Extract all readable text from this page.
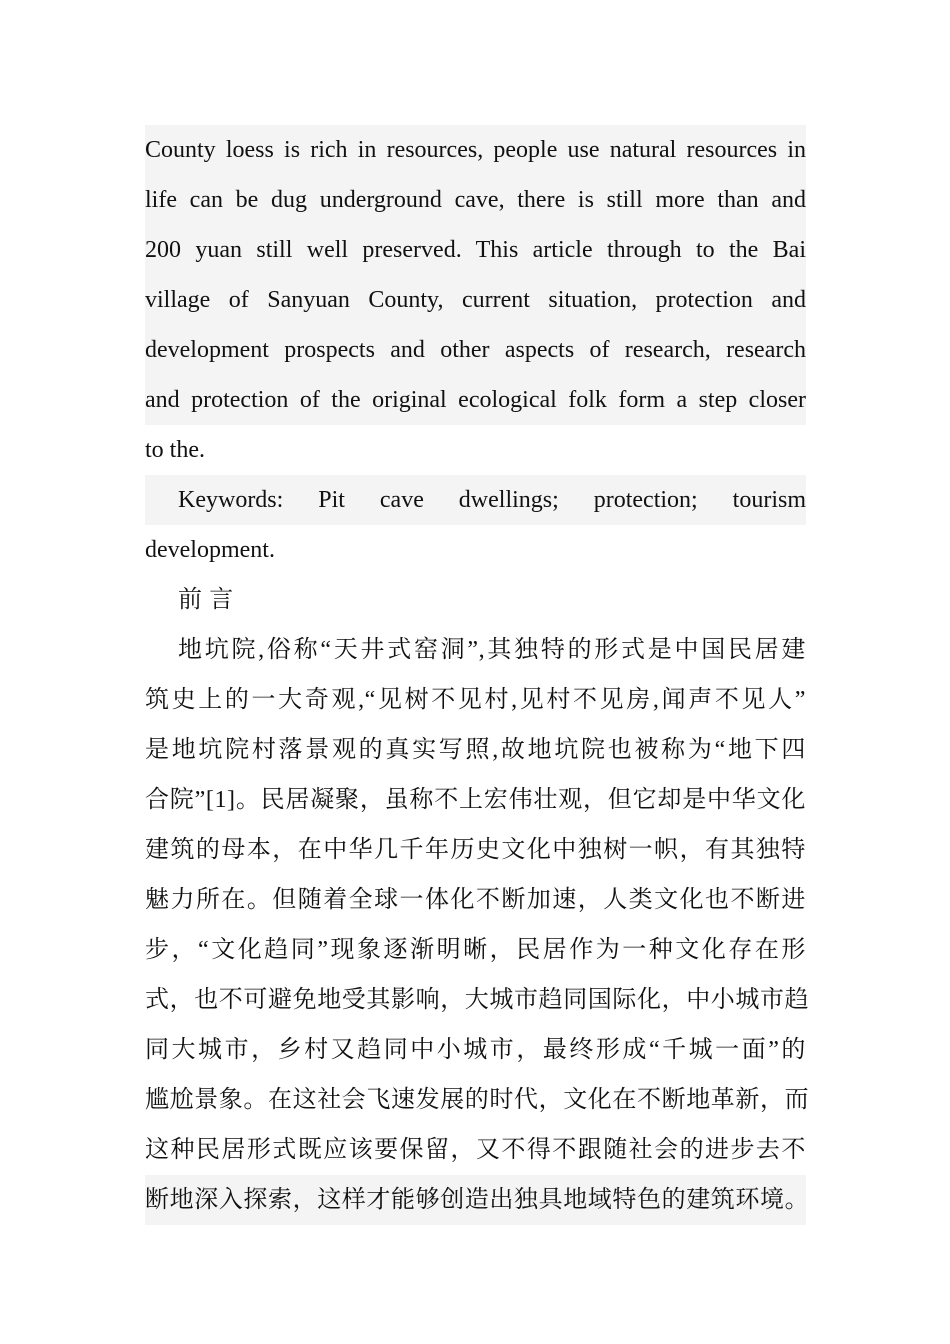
County loess is rich in resources, people use natural resources in
life can be dug underground cave, there is still more than and
200 yuan still well preserved. This article through to the Bai
village of Sanyuan County, current situation, protection and
development prospects and other aspects of research, research
and protection of the original ecological folk form a step closer
to the.
Keywords: Pit cave dwellings; protection; tourism
development.
前 言
地坑院,俗称“天井式窑洞”,其独特的形式是中国民居建
筑史上的一大奇观,“见树不见村,见村不见房,闻声不见人”
是地坑院村落景观的真实写照,故地坑院也被称为“地下四
合院”[1]。民居凝聚，虽称不上宏伟壮观，但它却是中华文化
建筑的母本，在中华几千年历史文化中独树一帜，有其独特
魅力所在。但随着全球一体化不断加速，人类文化也不断进
步，“文化趋同”现象逐渐明晰，民居作为一种文化存在形
式，也不可避免地受其影响，大城市趋同国际化，中小城市趋
同大城市，乡村又趋同中小城市，最终形成“千城一面”的
尴尬景象。在这社会飞速发展的时代，文化在不断地革新，而
这种民居形式既应该要保留，又不得不跟随社会的进步去不
断地深入探索，这样才能够创造出独具地域特色的建筑环境。
